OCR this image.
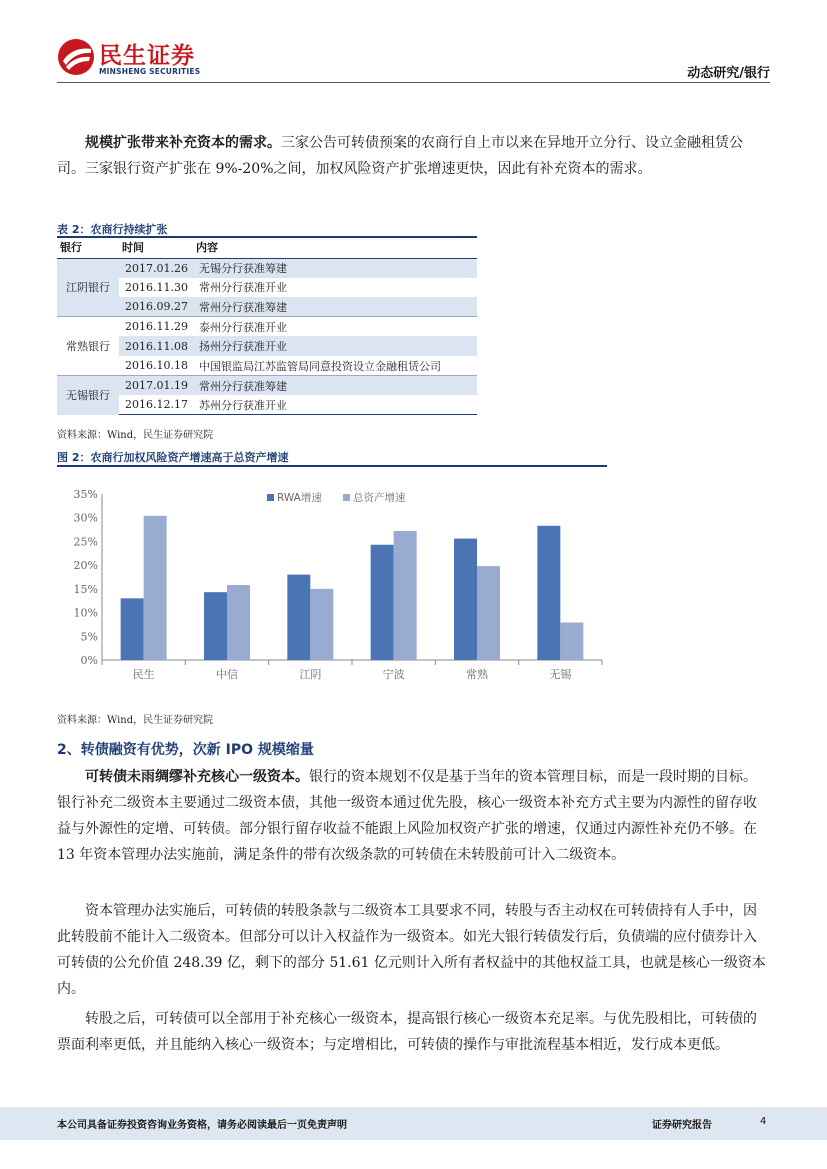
民生证券
MINSHENG SECURITIES	动态研究/银行
规模扩张带来补充资本的需求。三家公告可转债预案的农商行自上市以来在异地开立分行、设立金融租赁公司。三家银行资产扩张在 9%-20%之间，加权风险资产扩张增速更快，因此有补充资本的需求。
表 2：农商行持续扩张
银行	时间	内容
江阴银行	2017.01.26	无锡分行获准筹建
	2016.11.30	常州分行获准开业
	2016.09.27	常州分行获准筹建
常熟银行	2016.11.29	泰州分行获准开业
	2016.11.08	扬州分行获准开业
	2016.10.18	中国银监局江苏监管局同意投资设立金融租赁公司
无锡银行	2017.01.19	常州分行获准筹建
	2016.12.17	苏州分行获准开业
资料来源：Wind，民生证券研究院
图 2：农商行加权风险资产增速高于总资产增速
0%
5%
10%
15%
20%
25%
30%
35%
民生	中信	江阴	宁波	常熟	无锡
RWA增速	总资产增速
资料来源：Wind，民生证券研究院
2、转债融资有优势，次新 IPO 规模缩量
可转债未雨绸缪补充核心一级资本。银行的资本规划不仅是基于当年的资本管理目标，而是一段时期的目标。银行补充二级资本主要通过二级资本债，其他一级资本通过优先股，核心一级资本补充方式主要为内源性的留存收益与外源性的定增、可转债。部分银行留存收益不能跟上风险加权资产扩张的增速，仅通过内源性补充仍不够。在 13 年资本管理办法实施前，满足条件的带有次级条款的可转债在未转股前可计入二级资本。
资本管理办法实施后，可转债的转股条款与二级资本工具要求不同，转股与否主动权在可转债持有人手中，因此转股前不能计入二级资本。但部分可以计入权益作为一级资本。如光大银行转债发行后，负债端的应付债券计入可转债的公允价值 248.39 亿，剩下的部分 51.61 亿元则计入所有者权益中的其他权益工具，也就是核心一级资本内。
转股之后，可转债可以全部用于补充核心一级资本，提高银行核心一级资本充足率。与优先股相比，可转债的票面利率更低，并且能纳入核心一级资本；与定增相比，可转债的操作与审批流程基本相近，发行成本更低。
本公司具备证券投资咨询业务资格，请务必阅读最后一页免责声明	证券研究报告	4
